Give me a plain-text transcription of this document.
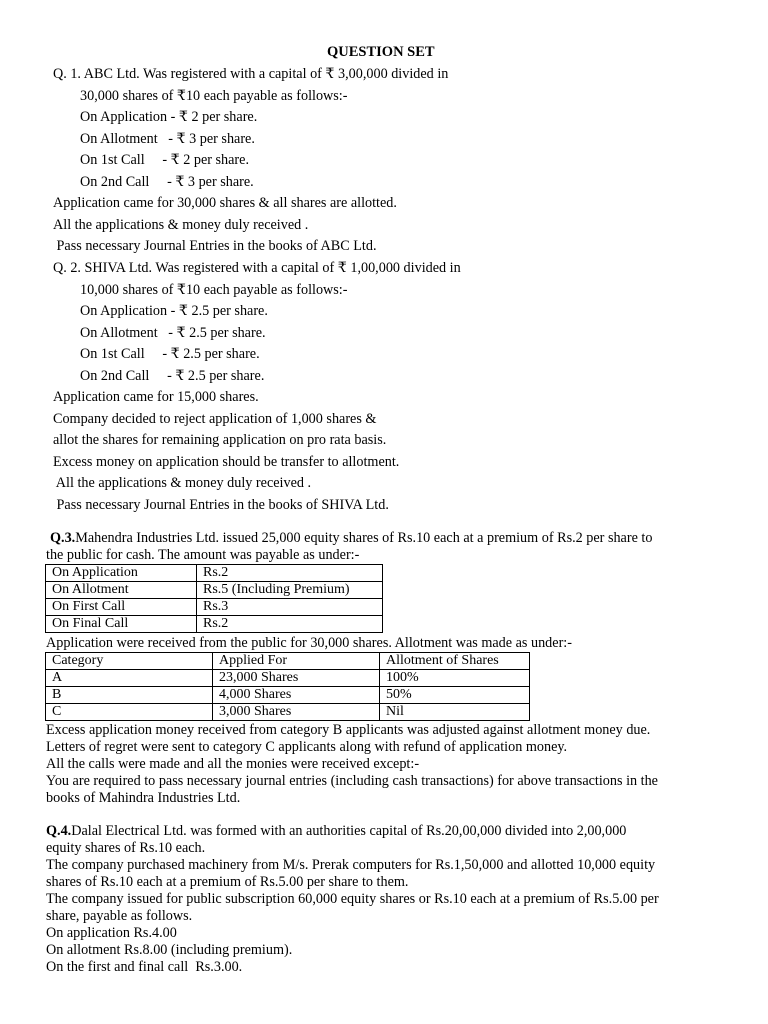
QUESTION SET
Q. 1. ABC Ltd. Was registered with a capital of ₹ 3,00,000 divided in
30,000 shares of ₹10 each payable as follows:-
On Application - ₹ 2 per share.
On Allotment   - ₹ 3 per share.
On 1st Call     - ₹ 2 per share.
On 2nd Call     - ₹ 3 per share.
Application came for 30,000 shares & all shares are allotted.
All the applications & money duly received .
Pass necessary Journal Entries in the books of ABC Ltd.
Q. 2. SHIVA Ltd. Was registered with a capital of ₹ 1,00,000 divided in
10,000 shares of ₹10 each payable as follows:-
On Application - ₹ 2.5 per share.
On Allotment   - ₹ 2.5 per share.
On 1st Call     - ₹ 2.5 per share.
On 2nd Call     - ₹ 2.5 per share.
Application came for 15,000 shares.
Company decided to reject application of 1,000 shares &
allot the shares for remaining application on pro rata basis.
Excess money on application should be transfer to allotment.
All the applications & money duly received .
Pass necessary Journal Entries in the books of SHIVA Ltd.
Q.3.Mahendra Industries Ltd. issued 25,000 equity shares of Rs.10 each at a premium of Rs.2 per share to
the public for cash. The amount was payable as under:-
On Application	Rs.2
On Allotment	Rs.5 (Including Premium)
On First Call	Rs.3
On Final Call	Rs.2
Application were received from the public for 30,000 shares. Allotment was made as under:-
Category	Applied For	Allotment of Shares
A	23,000 Shares	100%
B	4,000 Shares	50%
C	3,000 Shares	Nil
Excess application money received from category B applicants was adjusted against allotment money due.
Letters of regret were sent to category C applicants along with refund of application money.
All the calls were made and all the monies were received except:-
You are required to pass necessary journal entries (including cash transactions) for above transactions in the
books of Mahindra Industries Ltd.
Q.4.Dalal Electrical Ltd. was formed with an authorities capital of Rs.20,00,000 divided into 2,00,000
equity shares of Rs.10 each.
The company purchased machinery from M/s. Prerak computers for Rs.1,50,000 and allotted 10,000 equity
shares of Rs.10 each at a premium of Rs.5.00 per share to them.
The company issued for public subscription 60,000 equity shares or Rs.10 each at a premium of Rs.5.00 per
share, payable as follows.
On application Rs.4.00
On allotment Rs.8.00 (including premium).
On the first and final call  Rs.3.00.
